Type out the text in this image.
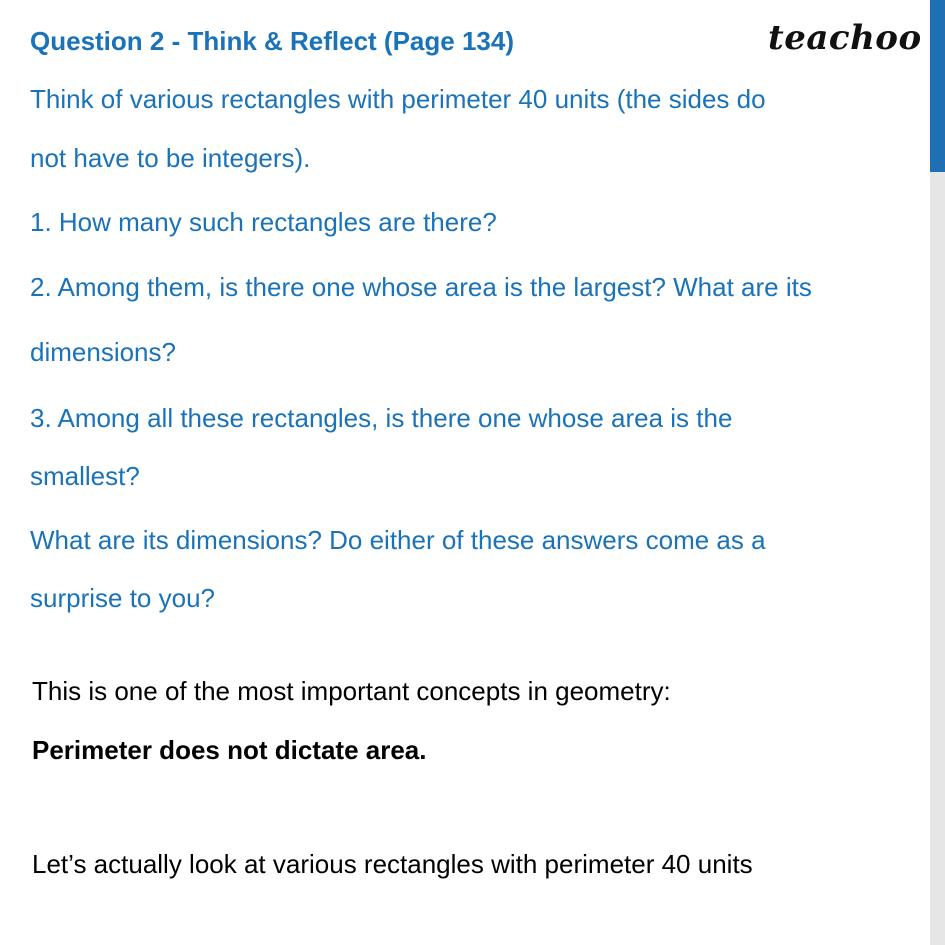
Question 2 - Think & Reflect (Page 134)	teachoo
Think of various rectangles with perimeter 40 units (the sides do
not have to be integers).
1. How many such rectangles are there?
2. Among them, is there one whose area is the largest? What are its
dimensions?
3. Among all these rectangles, is there one whose area is the
smallest?
What are its dimensions? Do either of these answers come as a
surprise to you?
This is one of the most important concepts in geometry:
Perimeter does not dictate area.
Let’s actually look at various rectangles with perimeter 40 units
